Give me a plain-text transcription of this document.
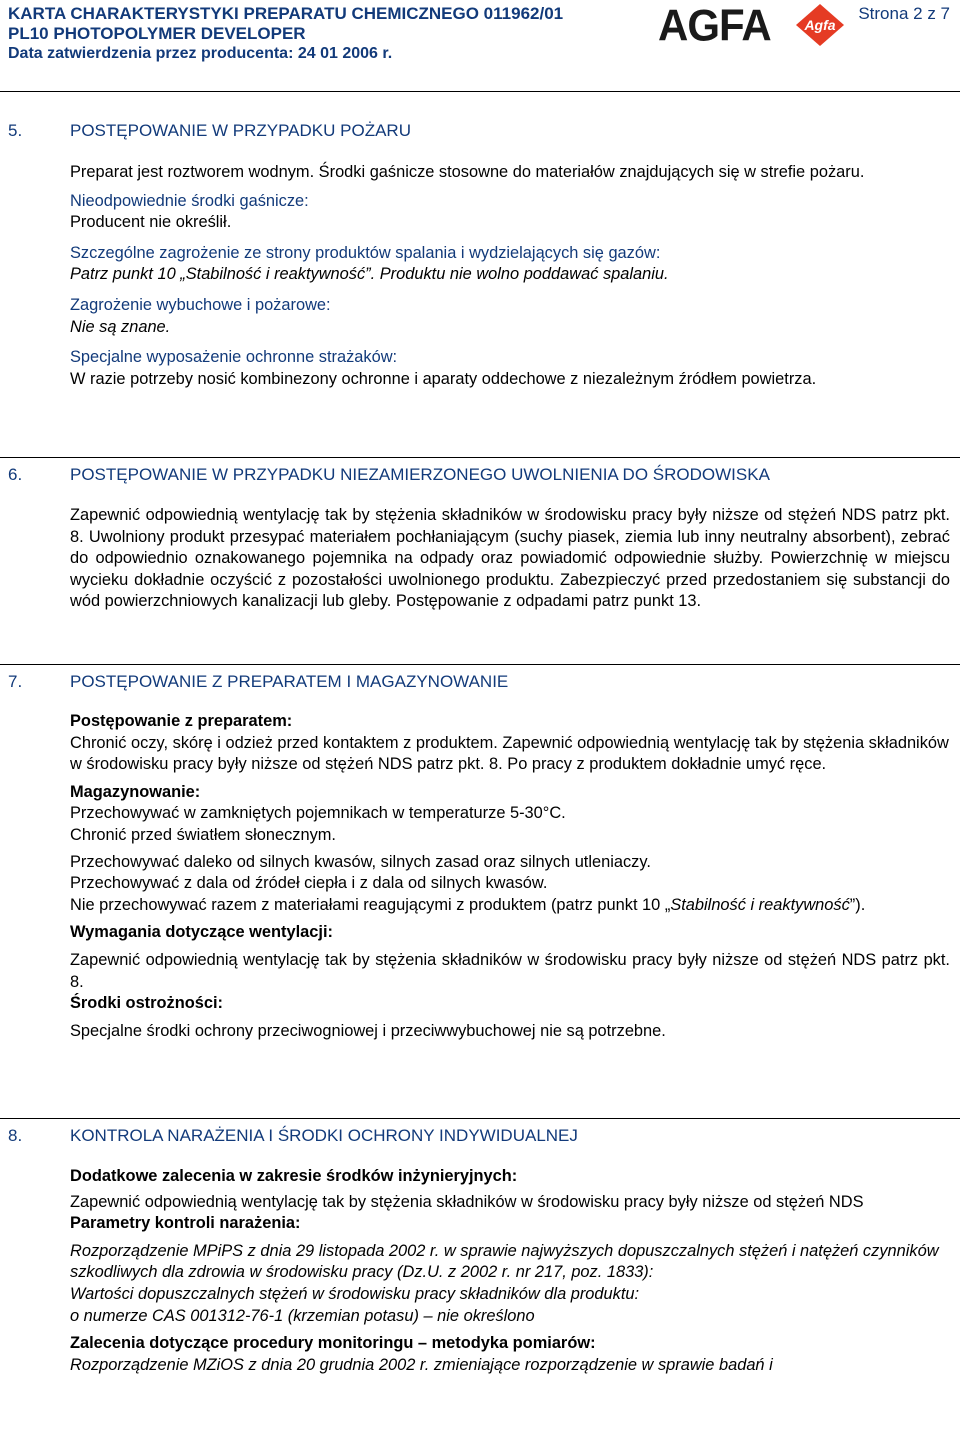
KARTA CHARAKTERYSTYKI PREPARATU CHEMICZNEGO 011962/01
PL10 PHOTOPOLYMER DEVELOPER
Data zatwierdzenia przez producenta: 24 01 2006 r.
AGFA Agfa
Strona 2 z 7
5.	POSTĘPOWANIE W PRZYPADKU POŻARU

Preparat jest roztworem wodnym. Środki gaśnicze stosowne do materiałów znajdujących się w strefie pożaru.

Nieodpowiednie środki gaśnicze:

Producent nie określił.

Szczególne zagrożenie ze strony produktów spalania i wydzielających się gazów:

Patrz punkt 10 „Stabilność i reaktywność”. Produktu nie wolno poddawać spalaniu.

Zagrożenie wybuchowe i pożarowe:

Nie są znane.

Specjalne wyposażenie ochronne strażaków:

W razie potrzeby nosić kombinezony ochronne i aparaty oddechowe z niezależnym źródłem powietrza.

6.	POSTĘPOWANIE W PRZYPADKU NIEZAMIERZONEGO UWOLNIENIA DO ŚRODOWISKA

Zapewnić odpowiednią wentylację tak by stężenia składników w środowisku pracy były niższe od stężeń NDS patrz pkt. 8. Uwolniony produkt przesypać materiałem pochłaniającym (suchy piasek, ziemia lub inny neutralny absorbent), zebrać do odpowiednio oznakowanego pojemnika na odpady oraz powiadomić odpowiednie służby. Powierzchnię w miejscu wycieku dokładnie oczyścić z pozostałości uwolnionego produktu. Zabezpieczyć przed przedostaniem się substancji do wód powierzchniowych kanalizacji lub gleby. Postępowanie z odpadami patrz punkt 13.

7.	POSTĘPOWANIE Z PREPARATEM I MAGAZYNOWANIE

Postępowanie z preparatem:

Chronić oczy, skórę i odzież przed kontaktem z produktem. Zapewnić odpowiednią wentylację tak by stężenia składników w środowisku pracy były niższe od stężeń NDS patrz pkt. 8. Po pracy z produktem dokładnie umyć ręce.

Magazynowanie:

Przechowywać w zamkniętych pojemnikach w temperaturze 5-30°C.

Chronić przed światłem słonecznym.

Przechowywać daleko od silnych kwasów, silnych zasad oraz silnych utleniaczy.

Przechowywać z dala od źródeł ciepła i z dala od silnych kwasów.

Nie przechowywać razem z materiałami reagującymi z produktem (patrz punkt 10 „Stabilność i reaktywność”).

Wymagania dotyczące wentylacji:

Zapewnić odpowiednią wentylację tak by stężenia składników w środowisku pracy były niższe od stężeń NDS patrz pkt. 8.

Środki ostrożności:

Specjalne środki ochrony przeciwogniowej i przeciwwybuchowej nie są potrzebne.

8.	KONTROLA NARAŻENIA I ŚRODKI OCHRONY INDYWIDUALNEJ

Dodatkowe zalecenia w zakresie środków inżynieryjnych:

Zapewnić odpowiednią wentylację tak by stężenia składników w środowisku pracy były niższe od stężeń NDS

Parametry kontroli narażenia:

Rozporządzenie MPiPS z dnia 29 listopada 2002 r. w sprawie najwyższych dopuszczalnych stężeń i natężeń czynników szkodliwych dla zdrowia w środowisku pracy (Dz.U. z 2002 r. nr 217, poz. 1833):

Wartości dopuszczalnych stężeń w środowisku pracy składników dla produktu:

o numerze CAS 001312-76-1 (krzemian potasu) – nie określono

Zalecenia dotyczące procedury monitoringu – metodyka pomiarów:

Rozporządzenie MZiOS z dnia 20 grudnia 2002 r. zmieniające rozporządzenie w sprawie badań i
